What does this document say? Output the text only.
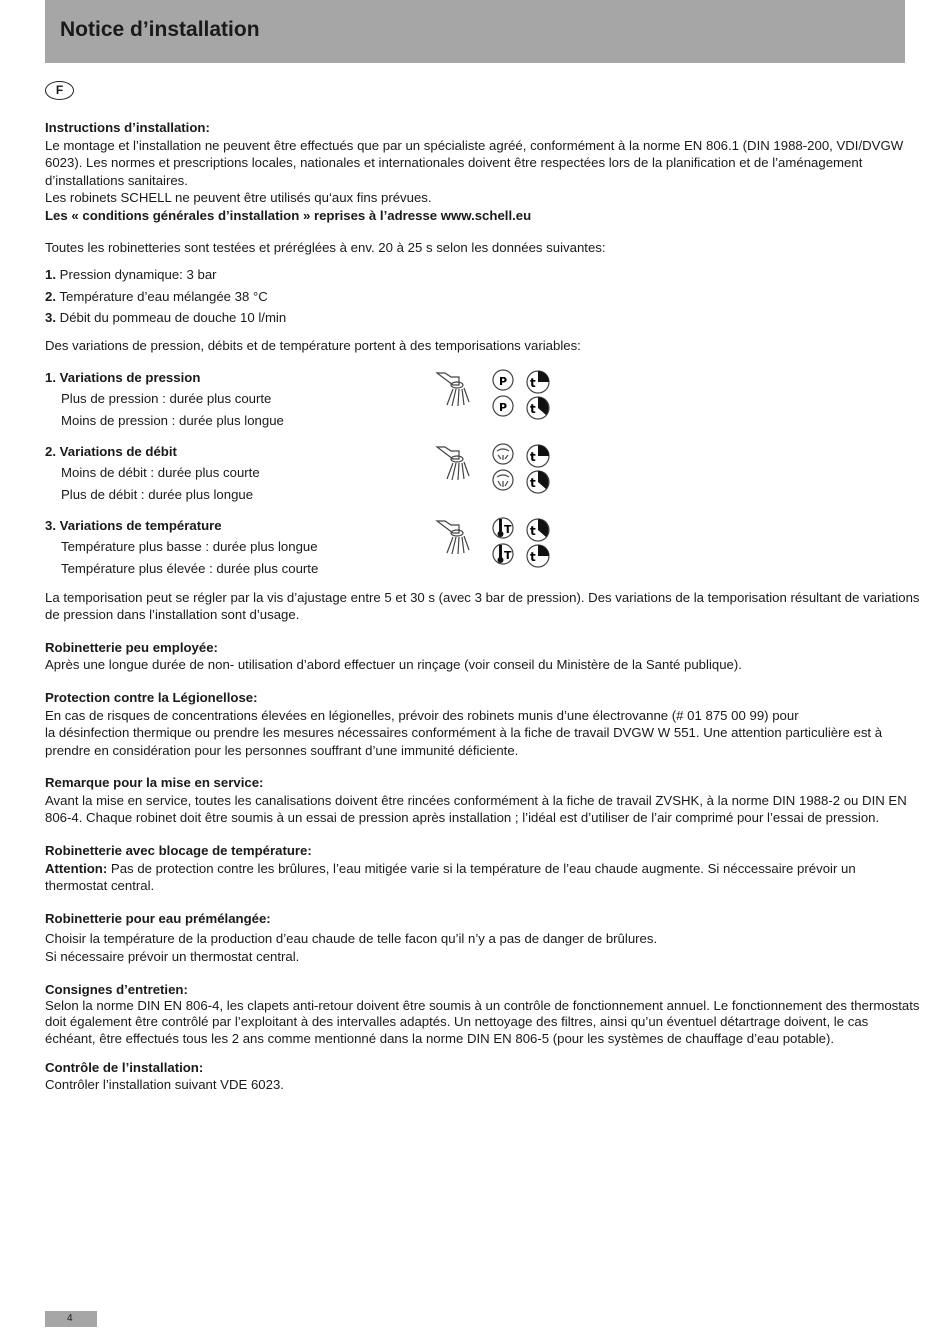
Notice d’installation
F

Instructions d’installation:

Le montage et l’installation ne peuvent être effectués que par un spécialiste agréé, conformément à la norme EN 806.1 (DIN 1988-200, VDI/DVGW 6023). Les normes et prescriptions locales, nationales et internationales doivent être respectées lors de la planification et de l’aménagement d’installations sanitaires.

Les robinets SCHELL ne peuvent être utilisés qu‘aux fins prévues.

Les « conditions générales d’installation » reprises à l’adresse www.schell.eu

Toutes les robinetteries sont testées et préréglées à env. 20 à 25 s selon les données suivantes:

1. Pression dynamique: 3 bar

2. Température d’eau mélangée 38 °C

3. Débit du pommeau de douche 10 l/min

Des variations de pression, débits et de température portent à des temporisations variables:

1. Variations de pression

Plus de pression : durée plus courte

Moins de pression : durée plus longue

P
P
t
t

2. Variations de débit

Moins de débit : durée plus courte

Plus de débit : durée plus longue

t
t

3. Variations de température

Température plus basse : durée plus longue

Température plus élevée : durée plus courte

T
T
t
t

La temporisation peut se régler par la vis d’ajustage entre 5 et 30 s (avec 3 bar de pression). Des variations de la temporisation résultant de variations de pression dans l’installation sont d’usage.

Robinetterie peu employée:

Après une longue durée de non- utilisation d’abord effectuer un rinçage (voir conseil du Ministère de la Santé publique).

Protection contre la Légionellose:

En cas de risques de concentrations élevées en légionelles, prévoir des robinets munis d’une électrovanne (# 01 875 00 99) pour

la désinfection thermique ou prendre les mesures nécessaires conformément à la fiche de travail DVGW W 551. Une attention particulière est à prendre en considération pour les personnes souffrant d’une immunité déficiente.

Remarque pour la mise en service:

Avant la mise en service, toutes les canalisations doivent être rincées conformément à la fiche de travail ZVSHK, à la norme DIN 1988-2 ou DIN EN 806-4. Chaque robinet doit être soumis à un essai de pression après installation ; l’idéal est d’utiliser de l’air comprimé pour l’essai de pression.

Robinetterie avec blocage de température:

Attention: Pas de protection contre les brûlures, l’eau mitigée varie si la température de l’eau chaude augmente. Si néccessaire prévoir un thermostat central.

Robinetterie pour eau prémélangée:

Choisir la température de la production d’eau chaude de telle facon qu’il n’y a pas de danger de brûlures.

Si nécessaire prévoir un thermostat central.

Consignes d’entretien:

Selon la norme DIN EN 806-4, les clapets anti-retour doivent être soumis à un contrôle de fonctionnement annuel. Le fonctionnement des thermostats doit également être contrôlé par l’exploitant à des intervalles adaptés. Un nettoyage des filtres, ainsi qu’un éventuel détartrage doivent, le cas échéant, être effectués tous les 2 ans comme mentionné dans la norme DIN EN 806-5 (pour les systèmes de chauffage d’eau potable).

Contrôle de l’installation:

Contrôler l’installation suivant VDE 6023.

4
